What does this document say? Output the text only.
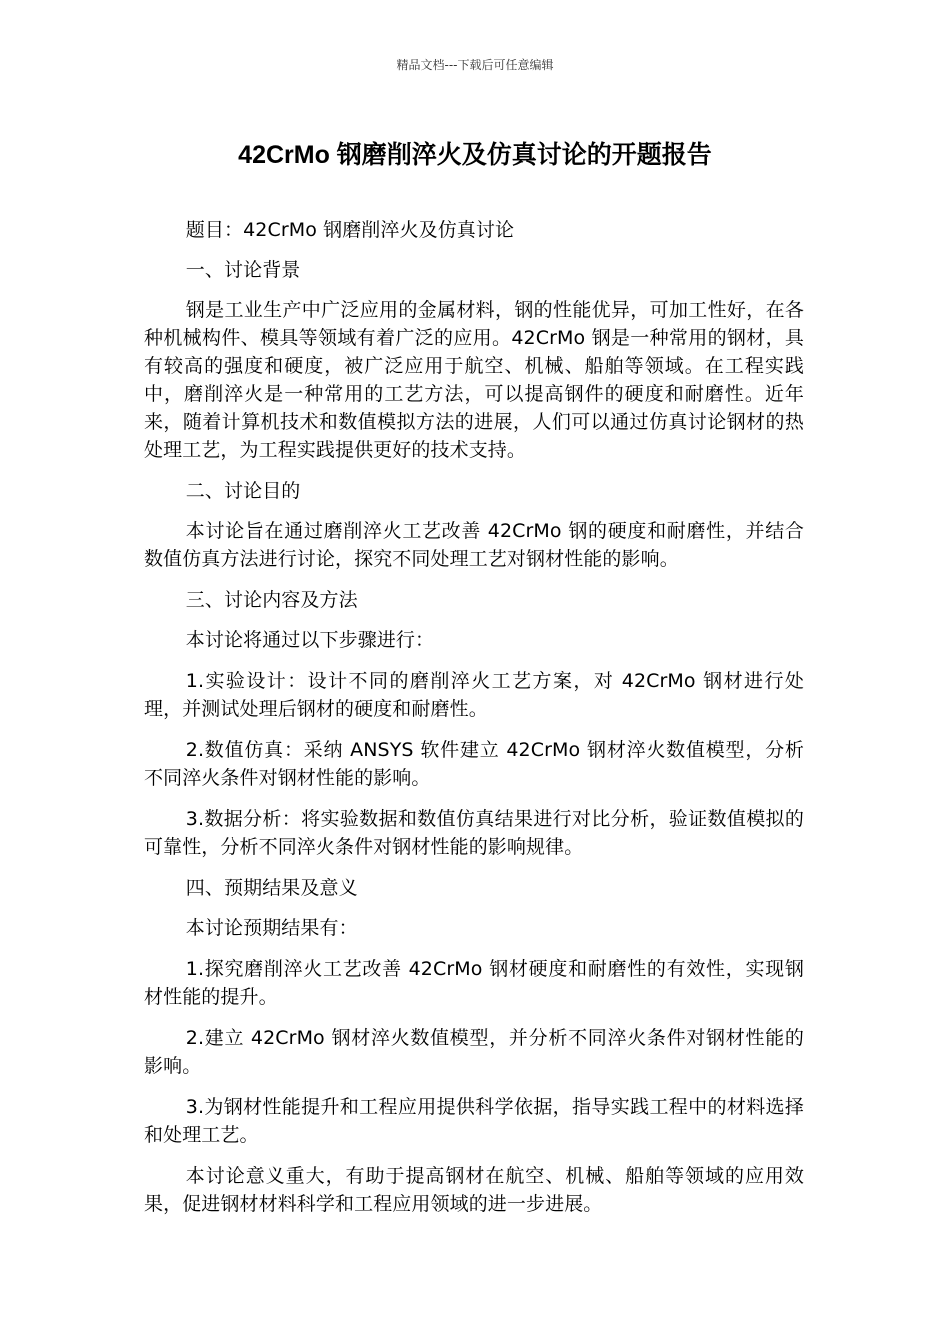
精品文档---下载后可任意编辑
42CrMo 钢磨削淬火及仿真讨论的开题报告

题目：42CrMo 钢磨削淬火及仿真讨论

一、讨论背景

钢是工业生产中广泛应用的金属材料，钢的性能优异，可加工性好，在各种机械构件、模具等领域有着广泛的应用。42CrMo 钢是一种常用的钢材，具有较高的强度和硬度，被广泛应用于航空、机械、船舶等领域。在工程实践中，磨削淬火是一种常用的工艺方法，可以提高钢件的硬度和耐磨性。近年来，随着计算机技术和数值模拟方法的进展，人们可以通过仿真讨论钢材的热处理工艺，为工程实践提供更好的技术支持。

二、讨论目的

本讨论旨在通过磨削淬火工艺改善 42CrMo 钢的硬度和耐磨性，并结合数值仿真方法进行讨论，探究不同处理工艺对钢材性能的影响。

三、讨论内容及方法

本讨论将通过以下步骤进行：

1.实验设计：设计不同的磨削淬火工艺方案，对 42CrMo 钢材进行处理，并测试处理后钢材的硬度和耐磨性。

2.数值仿真：采纳 ANSYS 软件建立 42CrMo 钢材淬火数值模型，分析不同淬火条件对钢材性能的影响。

3.数据分析：将实验数据和数值仿真结果进行对比分析，验证数值模拟的可靠性，分析不同淬火条件对钢材性能的影响规律。

四、预期结果及意义

本讨论预期结果有：

1.探究磨削淬火工艺改善 42CrMo 钢材硬度和耐磨性的有效性，实现钢材性能的提升。

2.建立 42CrMo 钢材淬火数值模型，并分析不同淬火条件对钢材性能的影响。

3.为钢材性能提升和工程应用提供科学依据，指导实践工程中的材料选择和处理工艺。

本讨论意义重大，有助于提高钢材在航空、机械、船舶等领域的应用效果，促进钢材材料科学和工程应用领域的进一步进展。
